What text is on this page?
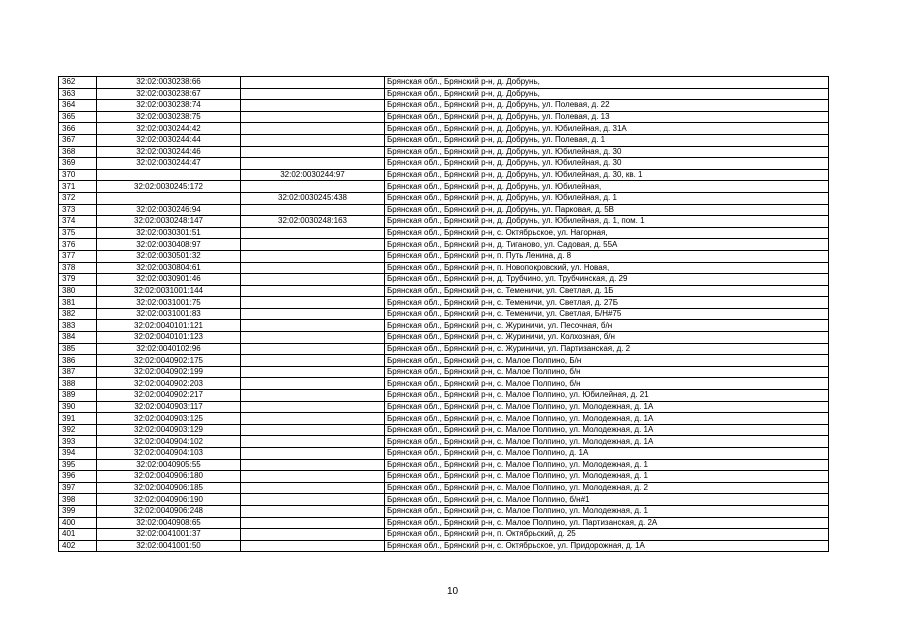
362	32:02:0030238:66		Брянская обл., Брянский р-н, д. Добрунь,
363	32:02:0030238:67		Брянская обл., Брянский р-н, д. Добрунь,
364	32:02:0030238:74		Брянская обл., Брянский р-н, д. Добрунь, ул. Полевая, д. 22
365	32:02:0030238:75		Брянская обл., Брянский р-н, д. Добрунь, ул. Полевая, д. 13
366	32:02:0030244:42		Брянская обл., Брянский р-н, д. Добрунь, ул. Юбилейная, д. 31А
367	32:02:0030244:44		Брянская обл., Брянский р-н, д. Добрунь, ул. Полевая, д. 1
368	32:02:0030244:46		Брянская обл., Брянский р-н, д. Добрунь, ул. Юбилейная, д. 30
369	32:02:0030244:47		Брянская обл., Брянский р-н, д. Добрунь, ул. Юбилейная, д. 30
370		32:02:0030244:97	Брянская обл., Брянский р-н, д. Добрунь, ул. Юбилейная, д. 30, кв. 1
371	32:02:0030245:172		Брянская обл., Брянский р-н, д. Добрунь, ул. Юбилейная,
372		32:02:0030245:438	Брянская обл., Брянский р-н, д. Добрунь, ул. Юбилейная, д. 1
373	32:02:0030246:94		Брянская обл., Брянский р-н, д. Добрунь, ул. Парковая, д. 5В
374	32:02:0030248:147	32:02:0030248:163	Брянская обл., Брянский р-н, д. Добрунь, ул. Юбилейная, д. 1, пом. 1
375	32:02:0030301:51		Брянская обл., Брянский р-н, с. Октябрьское, ул. Нагорная,
376	32:02:0030408:97		Брянская обл., Брянский р-н, д. Тиганово, ул. Садовая, д. 55А
377	32:02:0030501:32		Брянская обл., Брянский р-н, п. Путь Ленина, д. 8
378	32:02:0030804:61		Брянская обл., Брянский р-н, п. Новопокровский, ул. Новая,
379	32:02:0030901:46		Брянская обл., Брянский р-н, д. Трубчино, ул. Трубчинская, д. 29
380	32:02:0031001:144		Брянская обл., Брянский р-н, с. Теменичи, ул. Светлая, д. 1Б
381	32:02:0031001:75		Брянская обл., Брянский р-н, с. Теменичи, ул. Светлая, д. 27Б
382	32:02:0031001:83		Брянская обл., Брянский р-н, с. Теменичи, ул. Светлая, Б/Н#75
383	32:02:0040101:121		Брянская обл., Брянский р-н, с. Журиничи, ул. Песочная, б/н
384	32:02:0040101:123		Брянская обл., Брянский р-н, с. Журиничи, ул. Колхозная, б/н
385	32:02:0040102:96		Брянская обл., Брянский р-н, с. Журиничи, ул. Партизанская, д. 2
386	32:02:0040902:175		Брянская обл., Брянский р-н, с. Малое Полпино, Б/н
387	32:02:0040902:199		Брянская обл., Брянский р-н, с. Малое Полпино, б/н
388	32:02:0040902:203		Брянская обл., Брянский р-н, с. Малое Полпино, б/н
389	32:02:0040902:217		Брянская обл., Брянский р-н, с. Малое Полпино, ул. Юбилейная, д. 21
390	32:02:0040903:117		Брянская обл., Брянский р-н, с. Малое Полпино, ул. Молодежная, д. 1А
391	32:02:0040903:125		Брянская обл., Брянский р-н, с. Малое Полпино, ул. Молодежная, д. 1А
392	32:02:0040903:129		Брянская обл., Брянский р-н, с. Малое Полпино, ул. Молодежная, д. 1А
393	32:02:0040904:102		Брянская обл., Брянский р-н, с. Малое Полпино, ул. Молодежная, д. 1А
394	32:02:0040904:103		Брянская обл., Брянский р-н, с. Малое Полпино, д. 1А
395	32:02:0040905:55		Брянская обл., Брянский р-н, с. Малое Полпино, ул. Молодежная, д. 1
396	32:02:0040906:180		Брянская обл., Брянский р-н, с. Малое Полпино, ул. Молодежная, д. 1
397	32:02:0040906:185		Брянская обл., Брянский р-н, с. Малое Полпино, ул. Молодежная, д. 2
398	32:02:0040906:190		Брянская обл., Брянский р-н, с. Малое Полпино, б/н#1
399	32:02:0040906:248		Брянская обл., Брянский р-н, с. Малое Полпино, ул. Молодежная, д. 1
400	32:02:0040908:65		Брянская обл., Брянский р-н, с. Малое Полпино, ул. Партизанская, д. 2А
401	32:02:0041001:37		Брянская обл., Брянский р-н, п. Октябрьский, д. 25
402	32:02:0041001:50		Брянская обл., Брянский р-н, с. Октябрьское, ул. Придорожная, д. 1А
10
